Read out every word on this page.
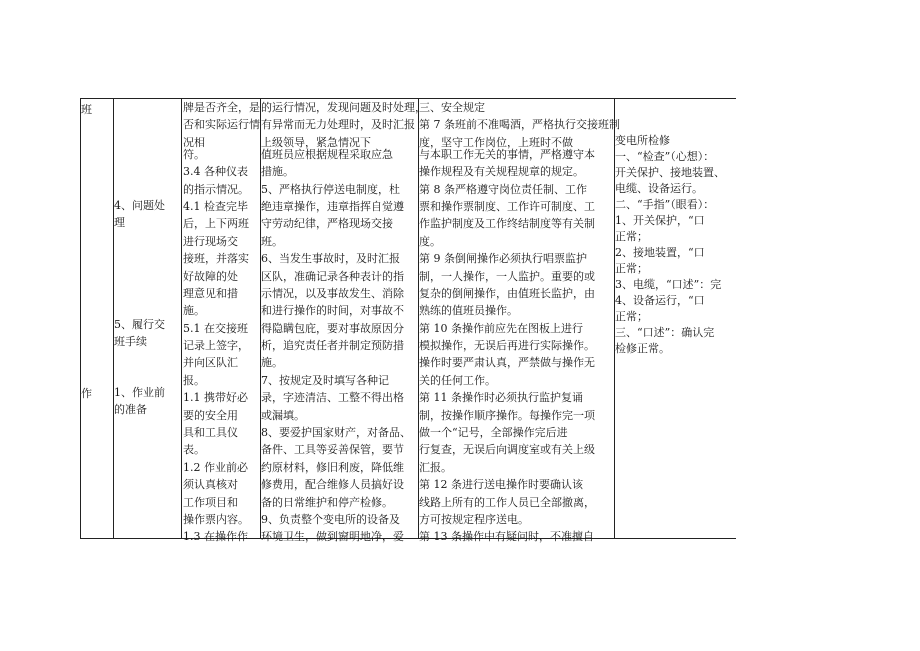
班
作
4、问题处
理
5、履行交
班手续
1、作业前
的准备
牌是否齐全，是
否和实际运行情
况相
符。
3.4 各种仪表
的指示情况。
4.1 检查完毕
后，上下两班
进行现场交
接班，并落实
好故障的处
理意见和措
施。
5.1 在交接班
记录上签字，
并向区队汇
报。
1.1 携带好必
要的安全用
具和工具仪
表。
1.2 作业前必
须认真核对
工作项目和
操作票内容。
1.3 在操作作
的运行情况，发现问题及时处理，
有异常而无力处理时，及时汇报
上级领导，紧急情况下
值班员应根据规程采取应急
措施。
5、严格执行停送电制度，杜
绝违章操作，违章指挥自觉遵
守劳动纪律，严格现场交接
班。
6、当发生事故时，及时汇报
区队，准确记录各种表计的指
示情况，以及事故发生、消除
和进行操作的时间，对事故不
得隐瞒包庇，要对事故原因分
析，追究责任者并制定预防措
施。
7、按规定及时填写各种记
录，字迹清洁、工整不得出格
或漏填。
8、要爱护国家财产，对备品、
备件、工具等妥善保管，要节
约原材料，修旧利废，降低维
修费用，配合维修人员搞好设
备的日常维护和停产检修。
9、负责整个变电所的设备及
环境卫生，做到窗明地净，爱
三、安全规定
第 7 条班前不准喝酒，严格执行交接班制
度，坚守工作岗位，上班时不做
与本职工作无关的事情，严格遵守本
操作规程及有关规程规章的规定。
第 8 条严格遵守岗位责任制、工作
票和操作票制度、工作许可制度、工
作监护制度及工作终结制度等有关制
度。
第 9 条倒闸操作必须执行唱票监护
制，一人操作，一人监护。重要的或
复杂的倒闸操作，由值班长监护，由
熟练的值班员操作。
第 10 条操作前应先在图板上进行
模拟操作，无误后再进行实际操作。
操作时要严肃认真，严禁做与操作无
关的任何工作。
第 11 条操作时必须执行监护复诵
制，按操作顺序操作。每操作完一项
做一个“记号，全部操作完后进
行复查，无误后向调度室或有关上级
汇报。
第 12 条进行送电操作时要确认该
线路上所有的工作人员已全部撤离，
方可按规定程序送电。
第 13 条操作中有疑问时，不准擅自
变电所检修
一、“检查”（心想）：
开关保护、接地装置、
电缆、设备运行。
二、“手指”（眼看）：
1、开关保护，“口
正常；
2、接地装置，“口
正常；
3、电缆，“口述”：完
4、设备运行，“口
正常；
三、“口述”：确认完
检修正常。
